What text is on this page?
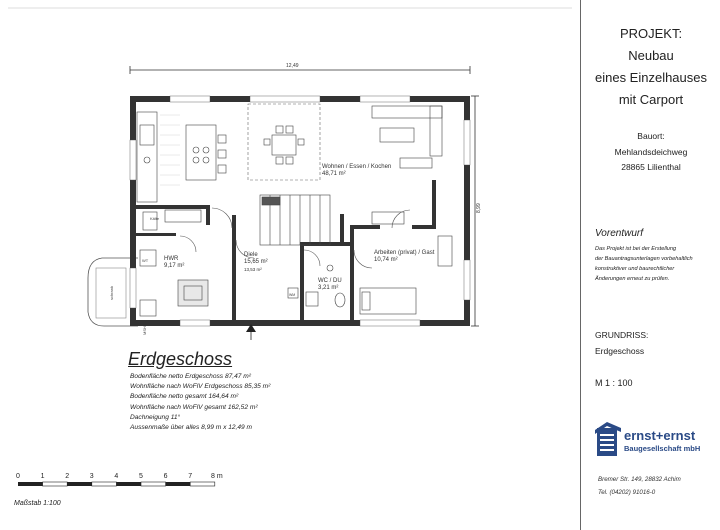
12,49
8,99
0	1	2	3	4	5	6	7	8 m
Kälte
WT
MSH
schrank	WM
Wohnen / Essen / Kochen
48,71 m²
HWR
9,17 m²
Diele
15,65 m²
13,53 m²
WC / DU
3,21 m²
Arbeiten (privat) / Gast
10,74 m²
Erdgeschoss
Bodenfläche netto Erdgeschoss 87,47 m²
Wohnfläche nach WoFlV Erdgeschoss 85,35 m²
Bodenfläche netto gesamt 164,64 m²
Wohnfläche nach WoFlV gesamt 162,52 m²
Dachneigung 11°
Aussenmaße über alles 8,99 m x 12,49 m
Maßstab 1:100
PROJEKT:
Neubau
eines Einzelhauses
mit Carport
Bauort:
Mehlandsdeichweg
28865 Lilienthal
Vorentwurf
Das Projekt ist bei der Erstellung
der Bauantragsunterlagen vorbehaltlich
konstruktiver und baurechtlicher
Änderungen erneut zu prüfen.
GRUNDRISS:
Erdgeschoss
M 1 : 100
ernst+ernst
Baugesellschaft mbH
Bremer Str. 149, 28832 Achim
Tel. (04202) 91016-0
